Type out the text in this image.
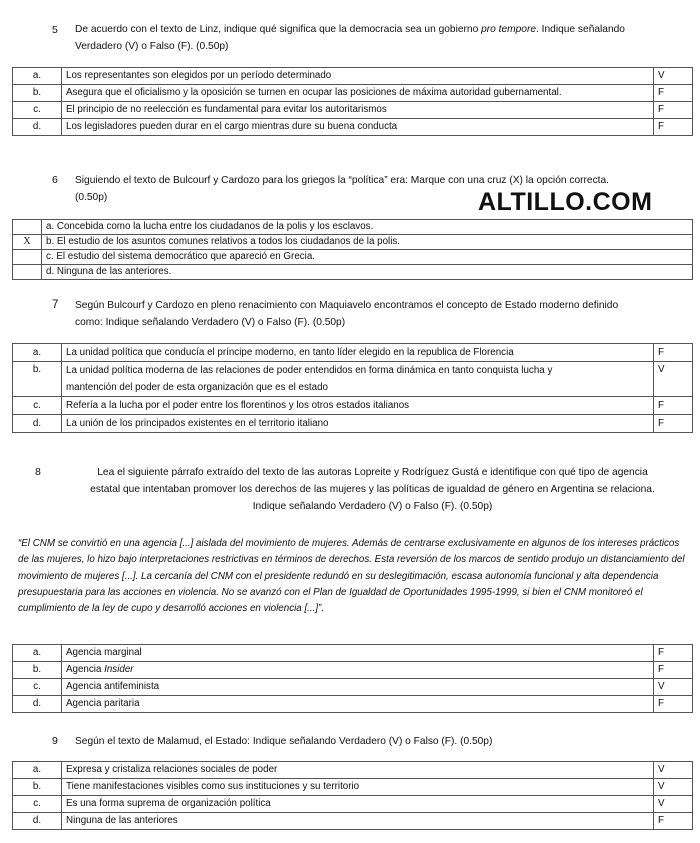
5 De acuerdo con el texto de Linz, indique qué significa que la democracia sea un gobierno pro tempore. Indique señalando
Verdadero (V) o Falso (F). (0.50p)
a.	Los representantes son elegidos por un período determinado	V
b.	Asegura que el oficialismo y la oposición se turnen en ocupar las posiciones de máxima autoridad gubernamental.	F
c.	El principio de no reelección es fundamental para evitar los autoritarismos	F
d.	Los legisladores pueden durar en el cargo mientras dure su buena conducta	F
6 Siguiendo el texto de Bulcourf y Cardozo para los griegos la “política” era: Marque con una cruz (X) la opción correcta.
(0.50p)	ALTILLO.COM
	a. Concebida como la lucha entre los ciudadanos de la polis y los esclavos.
X	b. El estudio de los asuntos comunes relativos a todos los ciudadanos de la polis.
	c. El estudio del sistema democrático que apareció en Grecia.
	d. Ninguna de las anteriores.
7 Según Bulcourf y Cardozo en pleno renacimiento con Maquiavelo encontramos el concepto de Estado moderno definido
como: Indique señalando Verdadero (V) o Falso (F). (0.50p)
a.	La unidad política que conducía el príncipe moderno, en tanto líder elegido en la republica de Florencia	F
b.	La unidad política moderna de las relaciones de poder entendidos en forma dinámica en tanto conquista lucha y
mantención del poder de esta organización que es el estado	V
c.	Refería a la lucha por el poder entre los florentinos y los otros estados italianos	F
d.	La unión de los principados existentes en el territorio italiano	F
8	Lea el siguiente párrafo extraído del texto de las autoras Lopreite y Rodríguez Gustá e identifique con qué tipo de agencia
estatal que intentaban promover los derechos de las mujeres y las políticas de igualdad de género en Argentina se relaciona.
Indique señalando Verdadero (V) o Falso (F). (0.50p)
“El CNM se convirtió en una agencia [...] aislada del movimiento de mujeres. Además de centrarse exclusivamente en algunos de los intereses prácticos de las mujeres, lo hizo bajo interpretaciones restrictivas en términos de derechos. Esta reversión de los marcos de sentido produjo un distanciamiento del movimiento de mujeres [...]. La cercanía del CNM con el presidente redundó en su deslegitimación, escasa autonomía funcional y alta dependencia presupuestaria para las acciones en violencia. No se avanzó con el Plan de Igualdad de Oportunidades 1995-1999, si bien el CNM monitoreó el cumplimiento de la ley de cupo y desarrolló acciones en violencia [...]”.
a.	Agencia marginal	F
b.	Agencia Insider	F
c.	Agencia antifeminista	V
d.	Agencia paritaria	F
9 Según el texto de Malamud, el Estado: Indique señalando Verdadero (V) o Falso (F). (0.50p)
a.	Expresa y cristaliza relaciones sociales de poder	V
b.	Tiene manifestaciones visibles como sus instituciones y su territorio	V
c.	Es una forma suprema de organización política	V
d.	Ninguna de las anteriores	F
